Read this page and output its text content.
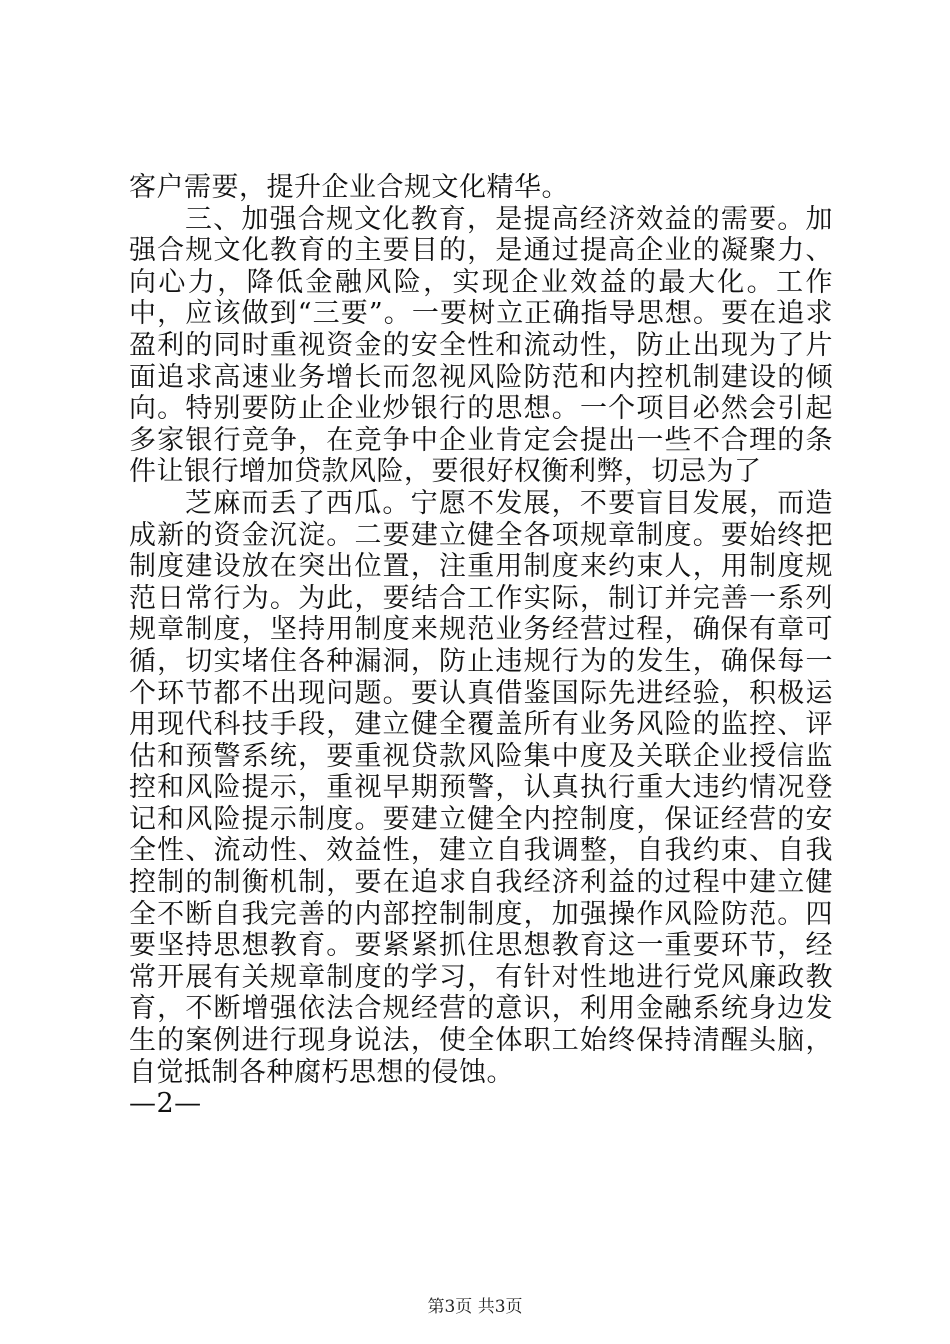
客户需要，提升企业合规文化精华。

三、加强合规文化教育，是提高经济效益的需要。加强合规文化教育的主要目的，是通过提高企业的凝聚力、向心力，降低金融风险，实现企业效益的最大化。工作中，应该做到“三要”。一要树立正确指导思想。要在追求盈利的同时重视资金的安全性和流动性，防止出现为了片面追求高速业务增长而忽视风险防范和内控机制建设的倾向。特别要防止企业炒银行的思想。一个项目必然会引起多家银行竞争，在竞争中企业肯定会提出一些不合理的条件让银行增加贷款风险，要很好权衡利弊，切忌为了

芝麻而丢了西瓜。宁愿不发展，不要盲目发展，而造成新的资金沉淀。二要建立健全各项规章制度。要始终把制度建设放在突出位置，注重用制度来约束人，用制度规范日常行为。为此，要结合工作实际，制订并完善一系列规章制度，坚持用制度来规范业务经营过程，确保有章可循，切实堵住各种漏洞，防止违规行为的发生，确保每一个环节都不出现问题。要认真借鉴国际先进经验，积极运用现代科技手段，建立健全覆盖所有业务风险的监控、评估和预警系统，要重视贷款风险集中度及关联企业授信监控和风险提示，重视早期预警，认真执行重大违约情况登记和风险提示制度。要建立健全内控制度，保证经营的安全性、流动性、效益性，建立自我调整，自我约束、自我控制的制衡机制，要在追求自我经济利益的过程中建立健全不断自我完善的内部控制制度，加强操作风险防范。四要坚持思想教育。要紧紧抓住思想教育这一重要环节，经常开展有关规章制度的学习，有针对性地进行党风廉政教育，不断增强依法合规经营的意识，利用金融系统身边发生的案例进行现身说法，使全体职工始终保持清醒头脑，自觉抵制各种腐朽思想的侵蚀。

—2—

第3页 共3页
